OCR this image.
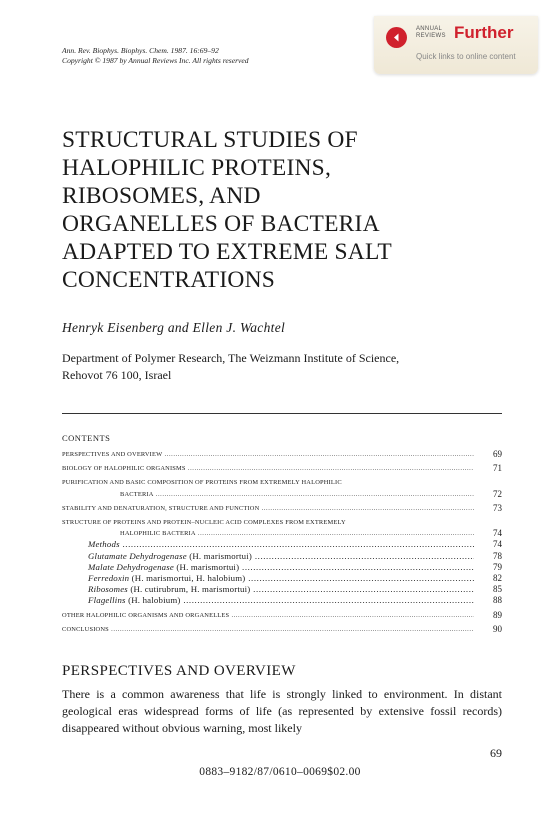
Ann. Rev. Biophys. Biophys. Chem. 1987. 16:69–92
Copyright © 1987 by Annual Reviews Inc. All rights reserved
ANNUAL
REVIEWS Further
Quick links to online content
STRUCTURAL STUDIES OF
HALOPHILIC PROTEINS,
RIBOSOMES, AND
ORGANELLES OF BACTERIA
ADAPTED TO EXTREME SALT
CONCENTRATIONS
Henryk Eisenberg and Ellen J. Wachtel
Department of Polymer Research, The Weizmann Institute of Science,
Rehovot 76 100, Israel
CONTENTS
PERSPECTIVES AND OVERVIEW .....	69
BIOLOGY OF HALOPHILIC ORGANISMS .....	71
PURIFICATION AND BASIC COMPOSITION OF PROTEINS FROM EXTREMELY HALOPHILIC
BACTERIA .....	72
STABILITY AND DENATURATION, STRUCTURE AND FUNCTION .....	73
STRUCTURE OF PROTEINS AND PROTEIN–NUCLEIC ACID COMPLEXES FROM EXTREMELY
HALOPHILIC BACTERIA .....	74
Methods .....	74
Glutamate Dehydrogenase (H. marismortui) .....	78
Malate Dehydrogenase (H. marismortui) .....	79
Ferredoxin (H. marismortui, H. halobium) .....	82
Ribosomes (H. cutirubrum, H. marismortui) .....	85
Flagellins (H. halobium) .....	88
OTHER HALOPHILIC ORGANISMS AND ORGANELLES .....	89
CONCLUSIONS .....	90
PERSPECTIVES AND OVERVIEW
There is a common awareness that life is strongly linked to environment. In distant geological eras widespread forms of life (as represented by extensive fossil records) disappeared without obvious warning, most likely
69
0883–9182/87/0610–0069$02.00
